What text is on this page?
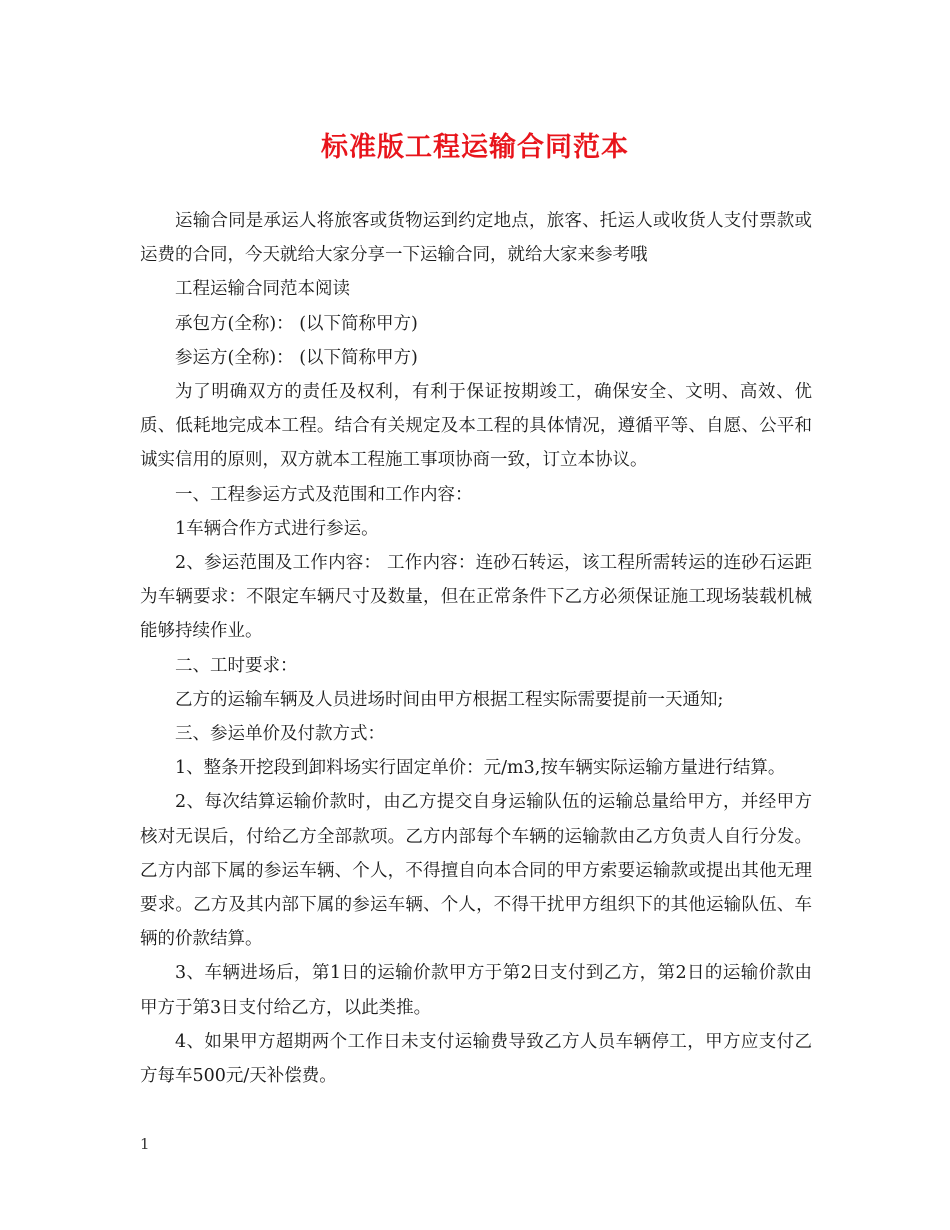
标准版工程运输合同范本

运输合同是承运人将旅客或货物运到约定地点，旅客、托运人或收货人支付票款或运费的合同，今天就给大家分享一下运输合同，就给大家来参考哦

工程运输合同范本阅读

承包方(全称)： (以下简称甲方)

参运方(全称)： (以下简称甲方)

为了明确双方的责任及权利，有利于保证按期竣工，确保安全、文明、高效、优质、低耗地完成本工程。结合有关规定及本工程的具体情况，遵循平等、自愿、公平和诚实信用的原则，双方就本工程施工事项协商一致，订立本协议。

一、工程参运方式及范围和工作内容：

1车辆合作方式进行参运。

2、参运范围及工作内容： 工作内容：连砂石转运，该工程所需转运的连砂石运距为车辆要求：不限定车辆尺寸及数量，但在正常条件下乙方必须保证施工现场装载机械能够持续作业。

二、工时要求：

乙方的运输车辆及人员进场时间由甲方根据工程实际需要提前一天通知;

三、参运单价及付款方式：

1、整条开挖段到卸料场实行固定单价：元/m3,按车辆实际运输方量进行结算。

2、每次结算运输价款时，由乙方提交自身运输队伍的运输总量给甲方，并经甲方核对无误后，付给乙方全部款项。乙方内部每个车辆的运输款由乙方负责人自行分发。乙方内部下属的参运车辆、个人，不得擅自向本合同的甲方索要运输款或提出其他无理要求。乙方及其内部下属的参运车辆、个人，不得干扰甲方组织下的其他运输队伍、车辆的价款结算。

3、车辆进场后，第1日的运输价款甲方于第2日支付到乙方，第2日的运输价款由甲方于第3日支付给乙方，以此类推。

4、如果甲方超期两个工作日未支付运输费导致乙方人员车辆停工，甲方应支付乙方每车500元/天补偿费。

1
